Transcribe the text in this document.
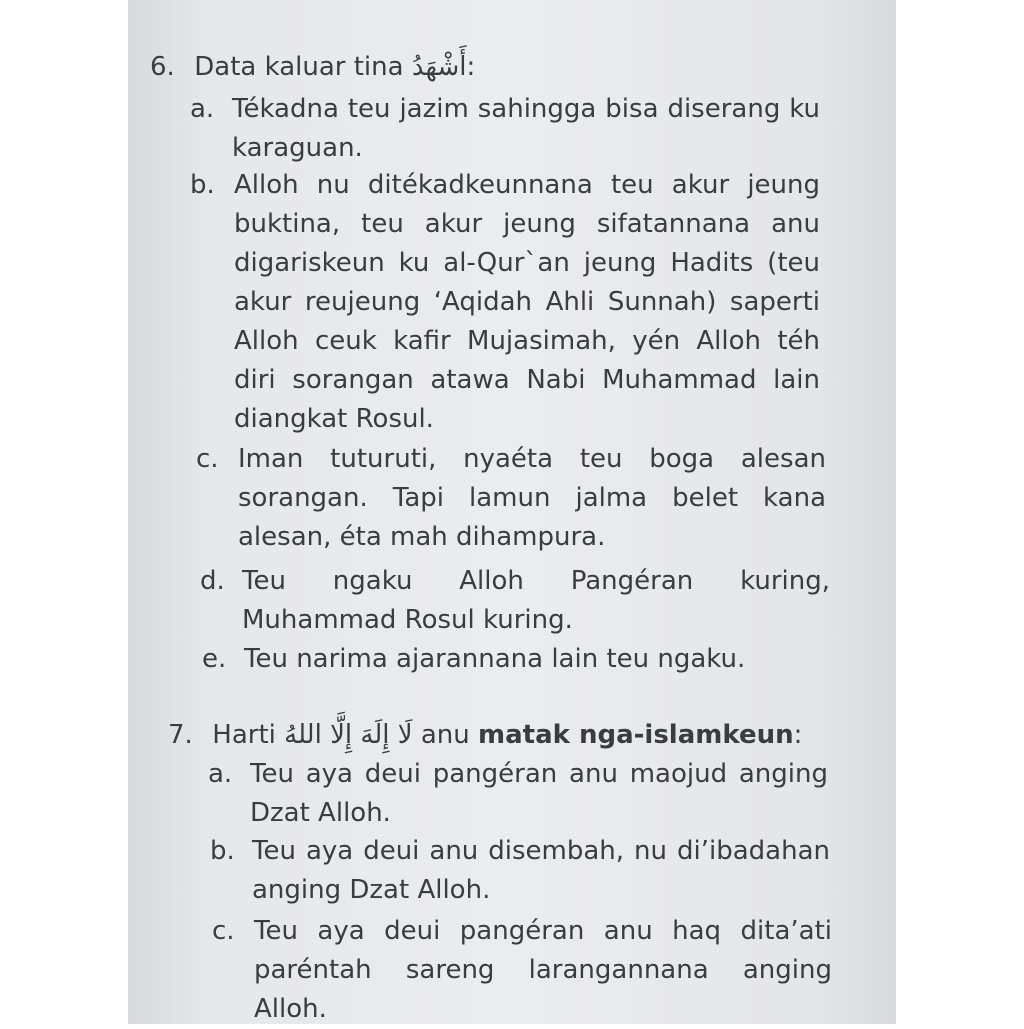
6. Data kaluar tina أَشْهَدُ:
a. Tékadna teu jazim sahingga bisa diserang ku karaguan.
b. Alloh nu ditékadkeunnana teu akur jeung buktina, teu akur jeung sifatannana anu digariskeun ku al-Qur`an jeung Hadits (teu akur reujeung ‘Aqidah Ahli Sunnah) saperti Alloh ceuk kafir Mujasimah, yén Alloh téh diri sorangan atawa Nabi Muhammad lain diangkat Rosul.
c. Iman tuturuti, nyaéta teu boga alesan sorangan. Tapi lamun jalma belet kana alesan, éta mah dihampura.
d. Teu ngaku Alloh Pangéran kuring, Muhammad Rosul kuring.
e. Teu narima ajarannana lain teu ngaku.
7. Harti لَا إِلَهَ إِلَّا اللهُ anu matak nga-islamkeun:
a. Teu aya deui pangéran anu maojud anging Dzat Alloh.
b. Teu aya deui anu disembah, nu di’ibadahan anging Dzat Alloh.
c. Teu aya deui pangéran anu haq dita’ati paréntah sareng larangannana anging Alloh.
